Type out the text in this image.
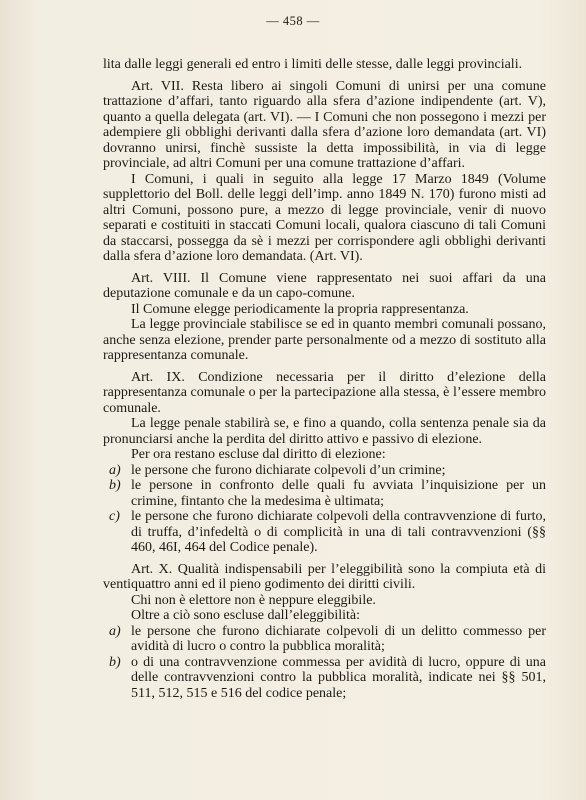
— 458 —

lita dalle leggi generali ed entro i limiti delle stesse, dalle leggi provinciali.

Art. VII. Resta libero ai singoli Comuni di unirsi per una comune trattazione d’affari, tanto riguardo alla sfera d’azione indipendente (art. V), quanto a quella delegata (art. VI). — I Comuni che non possegono i mezzi per adempiere gli obblighi derivanti dalla sfera d’azione loro demandata (art. VI) dovranno unirsi, finchè sussiste la detta impossibilità, in via di legge provinciale, ad altri Comuni per una comune trattazione d’affari.

I Comuni, i quali in seguito alla legge 17 Marzo 1849 (Volume supplettorio del Boll. delle leggi dell’imp. anno 1849 N. 170) furono misti ad altri Comuni, possono pure, a mezzo di legge provinciale, venir di nuovo separati e costituiti in staccati Comuni locali, qualora ciascuno di tali Comuni da staccarsi, possegga da sè i mezzi per corrispondere agli obblighi derivanti dalla sfera d’azione loro demandata. (Art. VI).

Art. VIII. Il Comune viene rappresentato nei suoi affari da una deputazione comunale e da un capo-comune.

Il Comune elegge periodicamente la propria rappresentanza.

La legge provinciale stabilisce se ed in quanto membri comunali possano, anche senza elezione, prender parte personalmente od a mezzo di sostituto alla rappresentanza comunale.

Art. IX. Condizione necessaria per il diritto d’elezione della rappresentanza comunale o per la partecipazione alla stessa, è l’essere membro comunale.

La legge penale stabilirà se, e fino a quando, colla sentenza penale sia da pronunciarsi anche la perdita del diritto attivo e passivo di elezione.

Per ora restano escluse dal diritto di elezione:

a) le persone che furono dichiarate colpevoli d’un crimine;
b) le persone in confronto delle quali fu avviata l’inquisizione per un crimine, fintanto che la medesima è ultimata;
c) le persone che furono dichiarate colpevoli della contravvenzione di furto, di truffa, d’infedeltà o di complicità in una di tali contravvenzioni (§§ 460, 46I, 464 del Codice penale).

Art. X. Qualità indispensabili per l’eleggibilità sono la compiuta età di ventiquattro anni ed il pieno godimento dei diritti civili.

Chi non è elettore non è neppure eleggibile.

Oltre a ciò sono escluse dall’eleggibilità:

a) le persone che furono dichiarate colpevoli di un delitto commesso per avidità di lucro o contro la pubblica moralità;
b) o di una contravvenzione commessa per avidità di lucro, oppure di una delle contravvenzioni contro la pubblica moralità, indicate nei §§ 501, 511, 512, 515 e 516 del codice penale;
